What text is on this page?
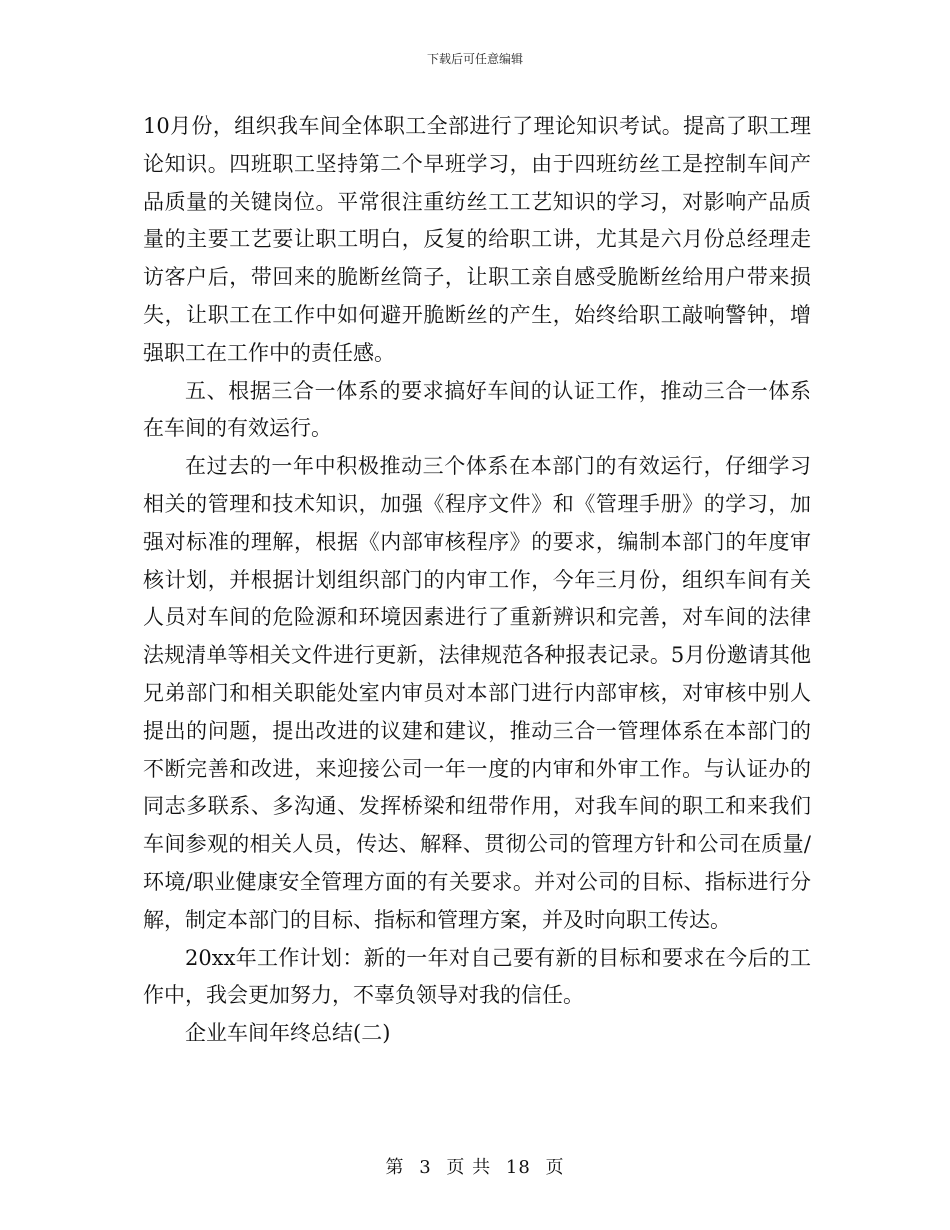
下载后可任意编辑

10月份，组织我车间全体职工全部进行了理论知识考试。提高了职工理论知识。四班职工坚持第二个早班学习，由于四班纺丝工是控制车间产品质量的关键岗位。平常很注重纺丝工工艺知识的学习，对影响产品质量的主要工艺要让职工明白，反复的给职工讲，尤其是六月份总经理走访客户后，带回来的脆断丝筒子，让职工亲自感受脆断丝给用户带来损失，让职工在工作中如何避开脆断丝的产生，始终给职工敲响警钟，增强职工在工作中的责任感。

五、根据三合一体系的要求搞好车间的认证工作，推动三合一体系在车间的有效运行。

在过去的一年中积极推动三个体系在本部门的有效运行，仔细学习相关的管理和技术知识，加强《程序文件》和《管理手册》的学习，加强对标准的理解，根据《内部审核程序》的要求，编制本部门的年度审核计划，并根据计划组织部门的内审工作，今年三月份，组织车间有关人员对车间的危险源和环境因素进行了重新辨识和完善，对车间的法律法规清单等相关文件进行更新，法律规范各种报表记录。5月份邀请其他兄弟部门和相关职能处室内审员对本部门进行内部审核，对审核中别人提出的问题，提出改进的议建和建议，推动三合一管理体系在本部门的不断完善和改进，来迎接公司一年一度的内审和外审工作。与认证办的同志多联系、多沟通、发挥桥梁和纽带作用，对我车间的职工和来我们车间参观的相关人员，传达、解释、贯彻公司的管理方针和公司在质量/环境/职业健康安全管理方面的有关要求。并对公司的目标、指标进行分解，制定本部门的目标、指标和管理方案，并及时向职工传达。

20xx年工作计划：新的一年对自己要有新的目标和要求在今后的工作中，我会更加努力，不辜负领导对我的信任。

企业车间年终总结(二)

第 3 页 共 18 页
